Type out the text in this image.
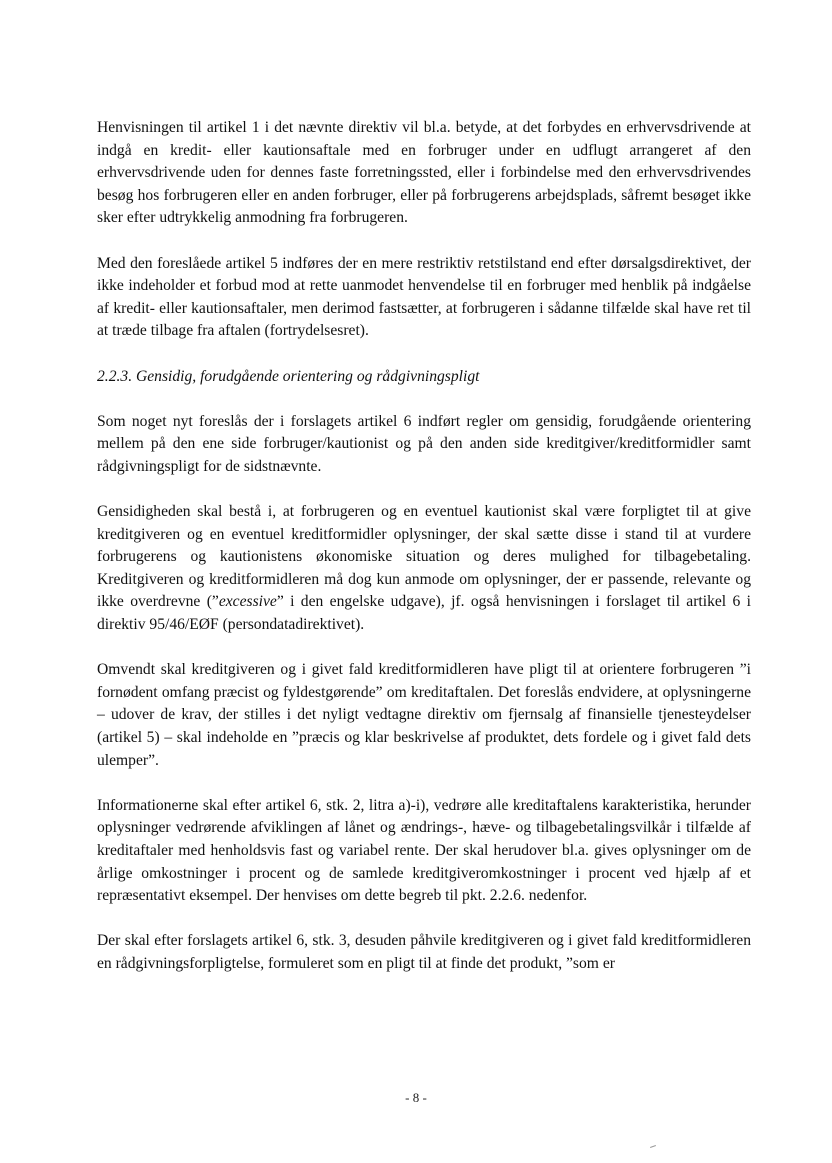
Henvisningen til artikel 1 i det nævnte direktiv vil bl.a. betyde, at det forbydes en erhvervsdrivende at indgå en kredit- eller kautionsaftale med en forbruger under en udflugt arrangeret af den erhvervsdrivende uden for dennes faste forretningssted, eller i forbindelse med den erhvervsdrivendes besøg hos forbrugeren eller en anden forbruger, eller på forbrugerens arbejdsplads, såfremt besøget ikke sker efter udtrykkelig anmodning fra forbrugeren.

Med den foreslåede artikel 5 indføres der en mere restriktiv retstilstand end efter dørsalgsdirektivet, der ikke indeholder et forbud mod at rette uanmodet henvendelse til en forbruger med henblik på indgåelse af kredit- eller kautionsaftaler, men derimod fastsætter, at forbrugeren i sådanne tilfælde skal have ret til at træde tilbage fra aftalen (fortrydelsesret).

2.2.3. Gensidig, forudgående orientering og rådgivningspligt

Som noget nyt foreslås der i forslagets artikel 6 indført regler om gensidig, forudgående orientering mellem på den ene side forbruger/kautionist og på den anden side kreditgiver/kreditformidler samt rådgivningspligt for de sidstnævnte.

Gensidigheden skal bestå i, at forbrugeren og en eventuel kautionist skal være forpligtet til at give kreditgiveren og en eventuel kreditformidler oplysninger, der skal sætte disse i stand til at vurdere forbrugerens og kautionistens økonomiske situation og deres mulighed for tilbagebetaling. Kreditgiveren og kreditformidleren må dog kun anmode om oplysninger, der er passende, relevante og ikke overdrevne (”excessive” i den engelske udgave), jf. også henvisningen i forslaget til artikel 6 i direktiv 95/46/EØF (persondatadirektivet).

Omvendt skal kreditgiveren og i givet fald kreditformidleren have pligt til at orientere forbrugeren ”i fornødent omfang præcist og fyldestgørende” om kreditaftalen. Det foreslås endvidere, at oplysningerne – udover de krav, der stilles i det nyligt vedtagne direktiv om fjernsalg af finansielle tjenesteydelser (artikel 5) – skal indeholde en ”præcis og klar beskrivelse af produktet, dets fordele og i givet fald dets ulemper”.

Informationerne skal efter artikel 6, stk. 2, litra a)-i), vedrøre alle kreditaftalens karakteristika, herunder oplysninger vedrørende afviklingen af lånet og ændrings-, hæve- og tilbagebetalingsvilkår i tilfælde af kreditaftaler med henholdsvis fast og variabel rente. Der skal herudover bl.a. gives oplysninger om de årlige omkostninger i procent og de samlede kreditgiveromkostninger i procent ved hjælp af et repræsentativt eksempel. Der henvises om dette begreb til pkt. 2.2.6. nedenfor.

Der skal efter forslagets artikel 6, stk. 3, desuden påhvile kreditgiveren og i givet fald kreditformidleren en rådgivningsforpligtelse, formuleret som en pligt til at finde det produkt, ”som er

- 8 -
